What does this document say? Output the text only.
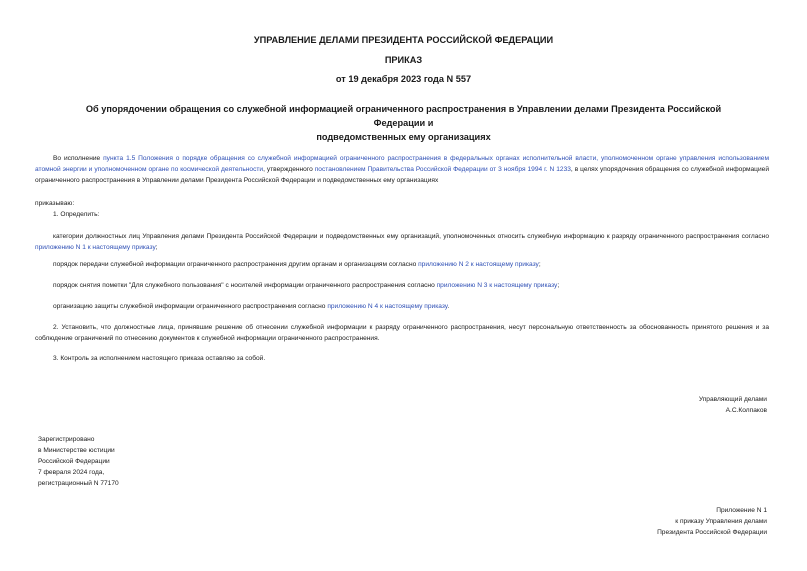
УПРАВЛЕНИЕ ДЕЛАМИ ПРЕЗИДЕНТА РОССИЙСКОЙ ФЕДЕРАЦИИ
ПРИКАЗ
от 19 декабря 2023 года N 557
Об упорядочении обращения со служебной информацией ограниченного распространения в Управлении делами Президента Российской Федерации и
подведомственных ему организациях
Во исполнение пункта 1.5 Положения о порядке обращения со служебной информацией ограниченного распространения в федеральных органах исполнительной власти, уполномоченном органе управления использованием атомной энергии и уполномоченном органе по космической деятельности, утвержденного постановлением Правительства Российской Федерации от 3 ноября 1994 г. N 1233, в целях упорядочения обращения со служебной информацией ограниченного распространения в Управлении делами Президента Российской Федерации и подведомственных ему организациях
приказываю:
1. Определить:
категории должностных лиц Управления делами Президента Российской Федерации и подведомственных ему организаций, уполномоченных относить служебную информацию к разряду ограниченного распространения согласно приложению N 1 к настоящему приказу;
порядок передачи служебной информации ограниченного распространения другим органам и организациям согласно приложению N 2 к настоящему приказу;
порядок снятия пометки "Для служебного пользования" с носителей информации ограниченного распространения согласно приложению N 3 к настоящему приказу;
организацию защиты служебной информации ограниченного распространения согласно приложению N 4 к настоящему приказу.
2. Установить, что должностные лица, принявшие решение об отнесении служебной информации к разряду ограниченного распространения, несут персональную ответственность за обоснованность принятого решения и за соблюдение ограничений по отнесению документов к служебной информации ограниченного распространения.
3. Контроль за исполнением настоящего приказа оставляю за собой.
Управляющий делами
А.С.Колпаков
Зарегистрировано
в Министерстве юстиции
Российской Федерации
7 февраля 2024 года,
регистрационный N 77170
Приложение N 1
к приказу Управления делами
Президента Российской Федерации
